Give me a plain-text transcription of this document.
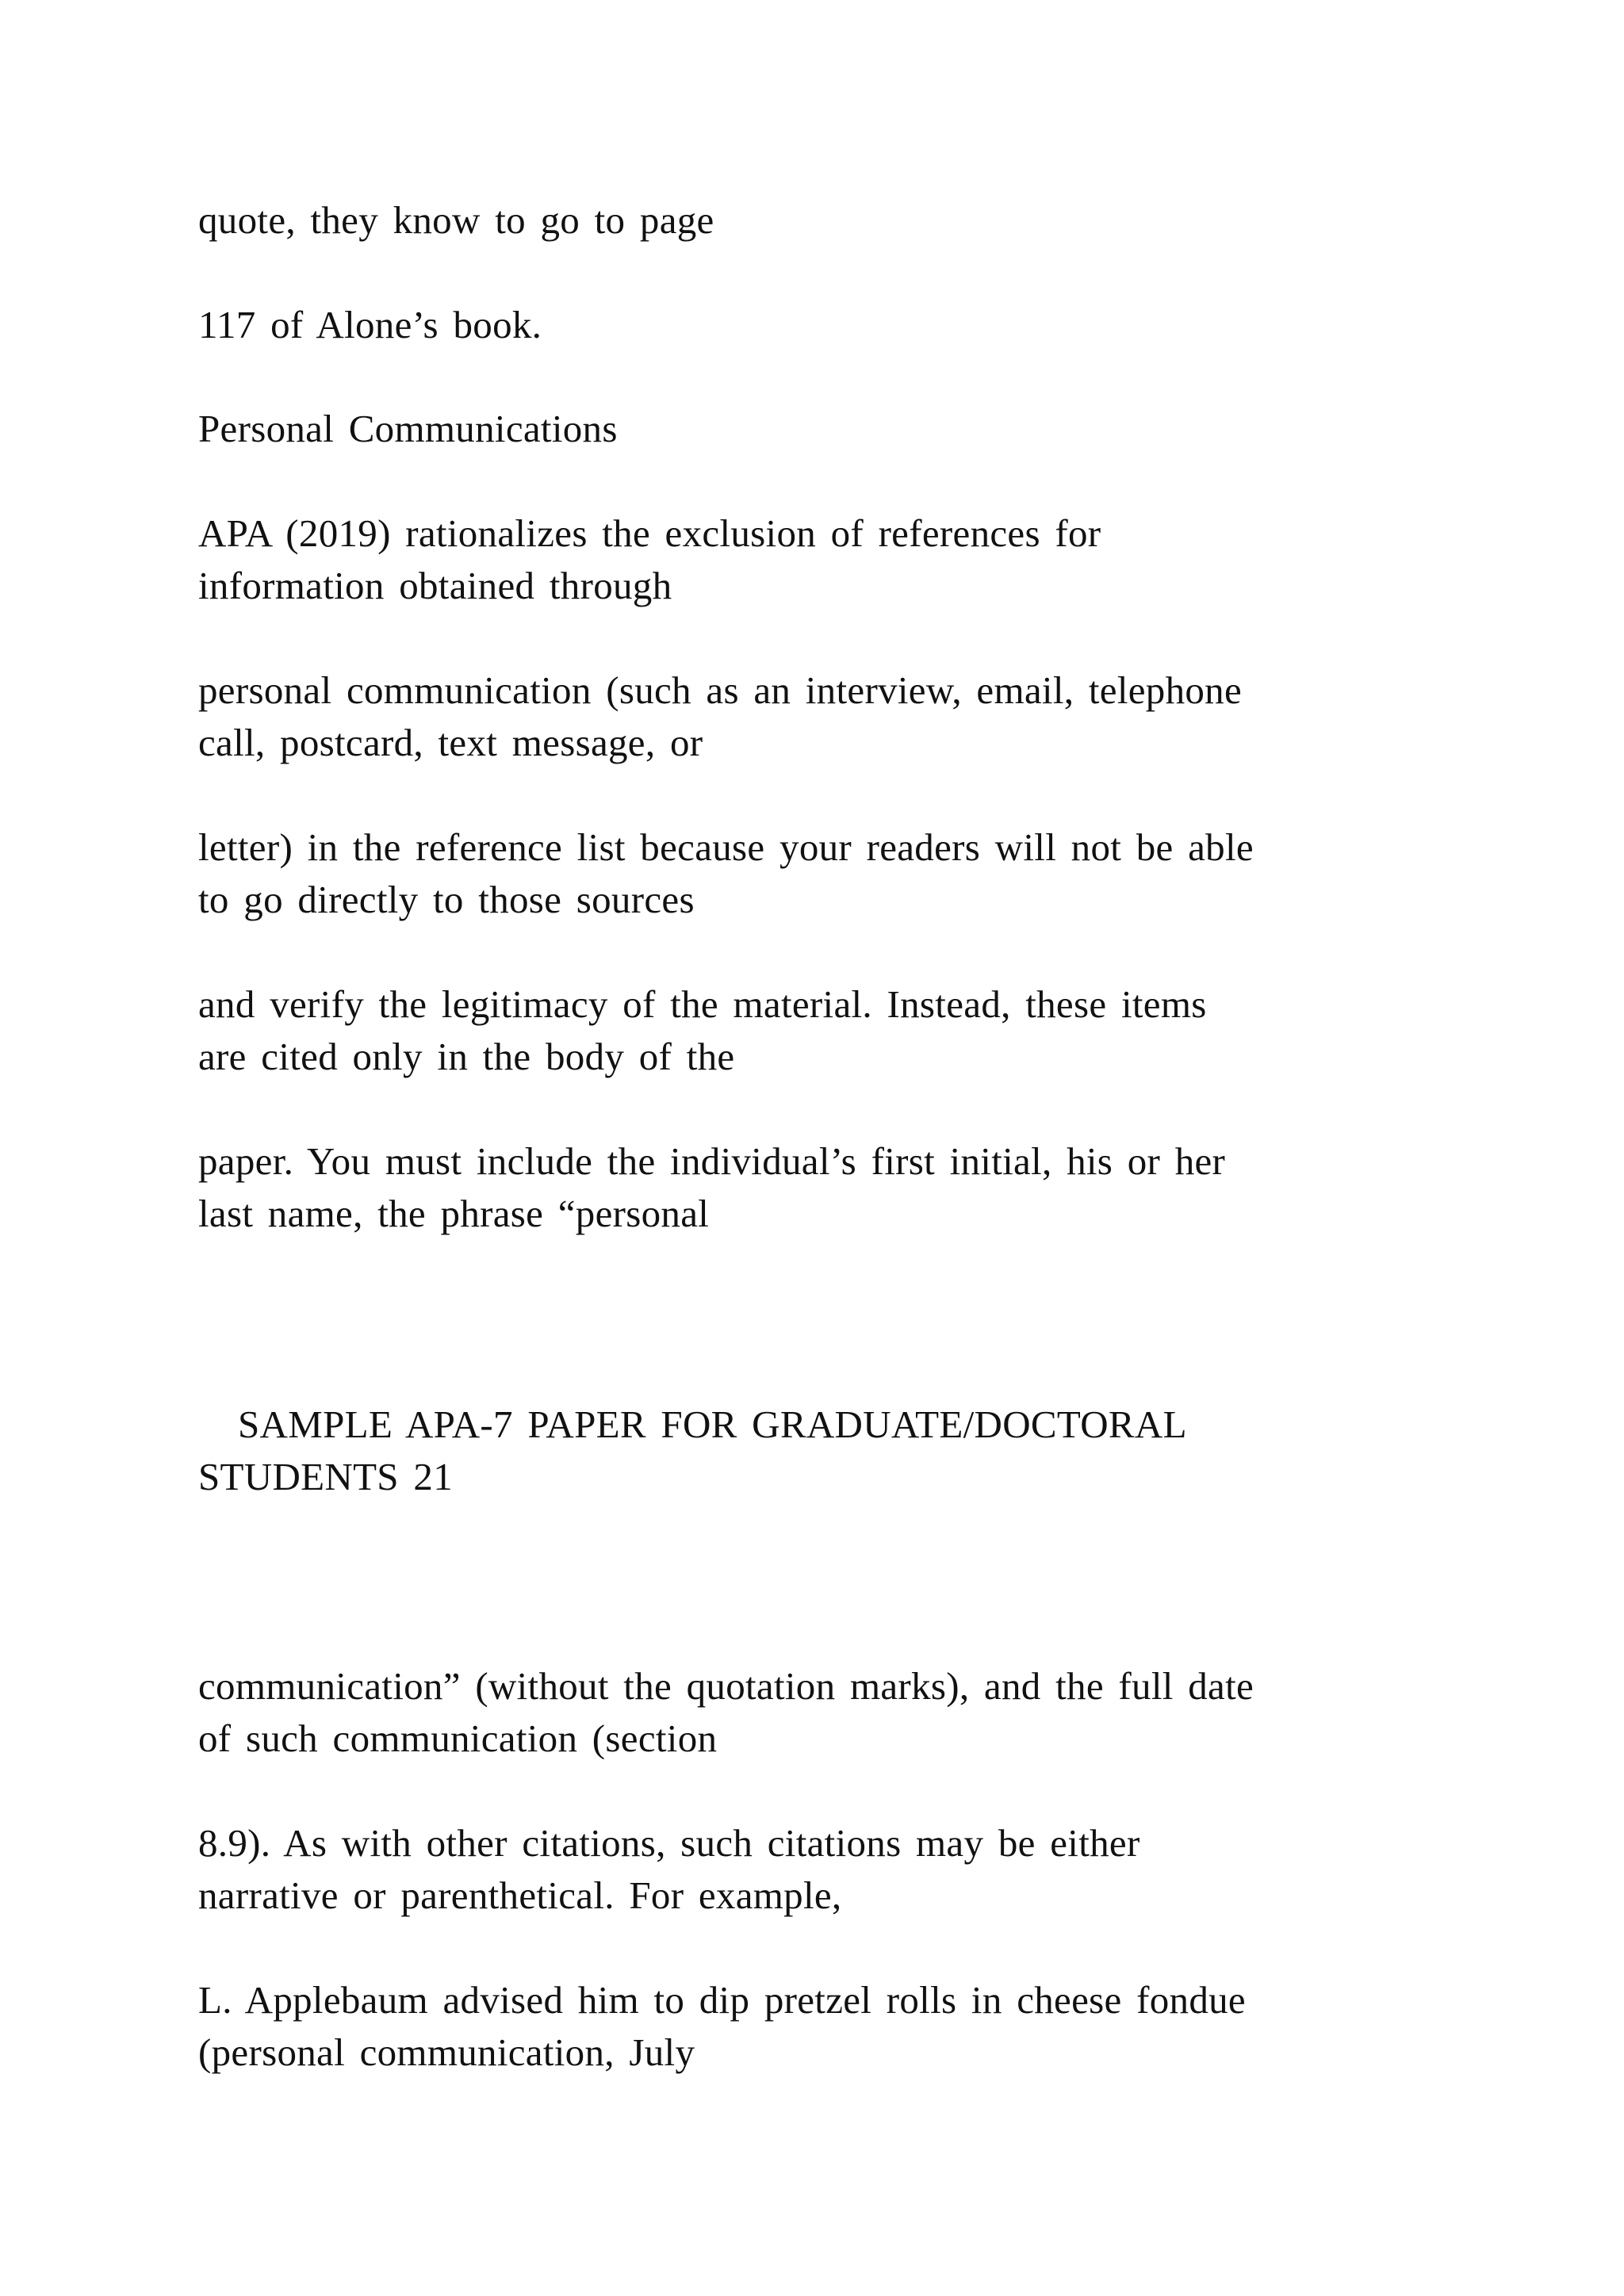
quote, they know to go to page

117 of Alone’s book.

Personal Communications

APA (2019) rationalizes the exclusion of references for
information obtained through

personal communication (such as an interview, email, telephone
call, postcard, text message, or

letter) in the reference list because your readers will not be able
to go directly to those sources

and verify the legitimacy of the material. Instead, these items
are cited only in the body of the

paper. You must include the individual’s first initial, his or her
last name, the phrase “personal

SAMPLE APA-7 PAPER FOR GRADUATE/DOCTORAL
STUDENTS 21

communication” (without the quotation marks), and the full date
of such communication (section

8.9). As with other citations, such citations may be either
narrative or parenthetical. For example,

L. Applebaum advised him to dip pretzel rolls in cheese fondue
(personal communication, July
